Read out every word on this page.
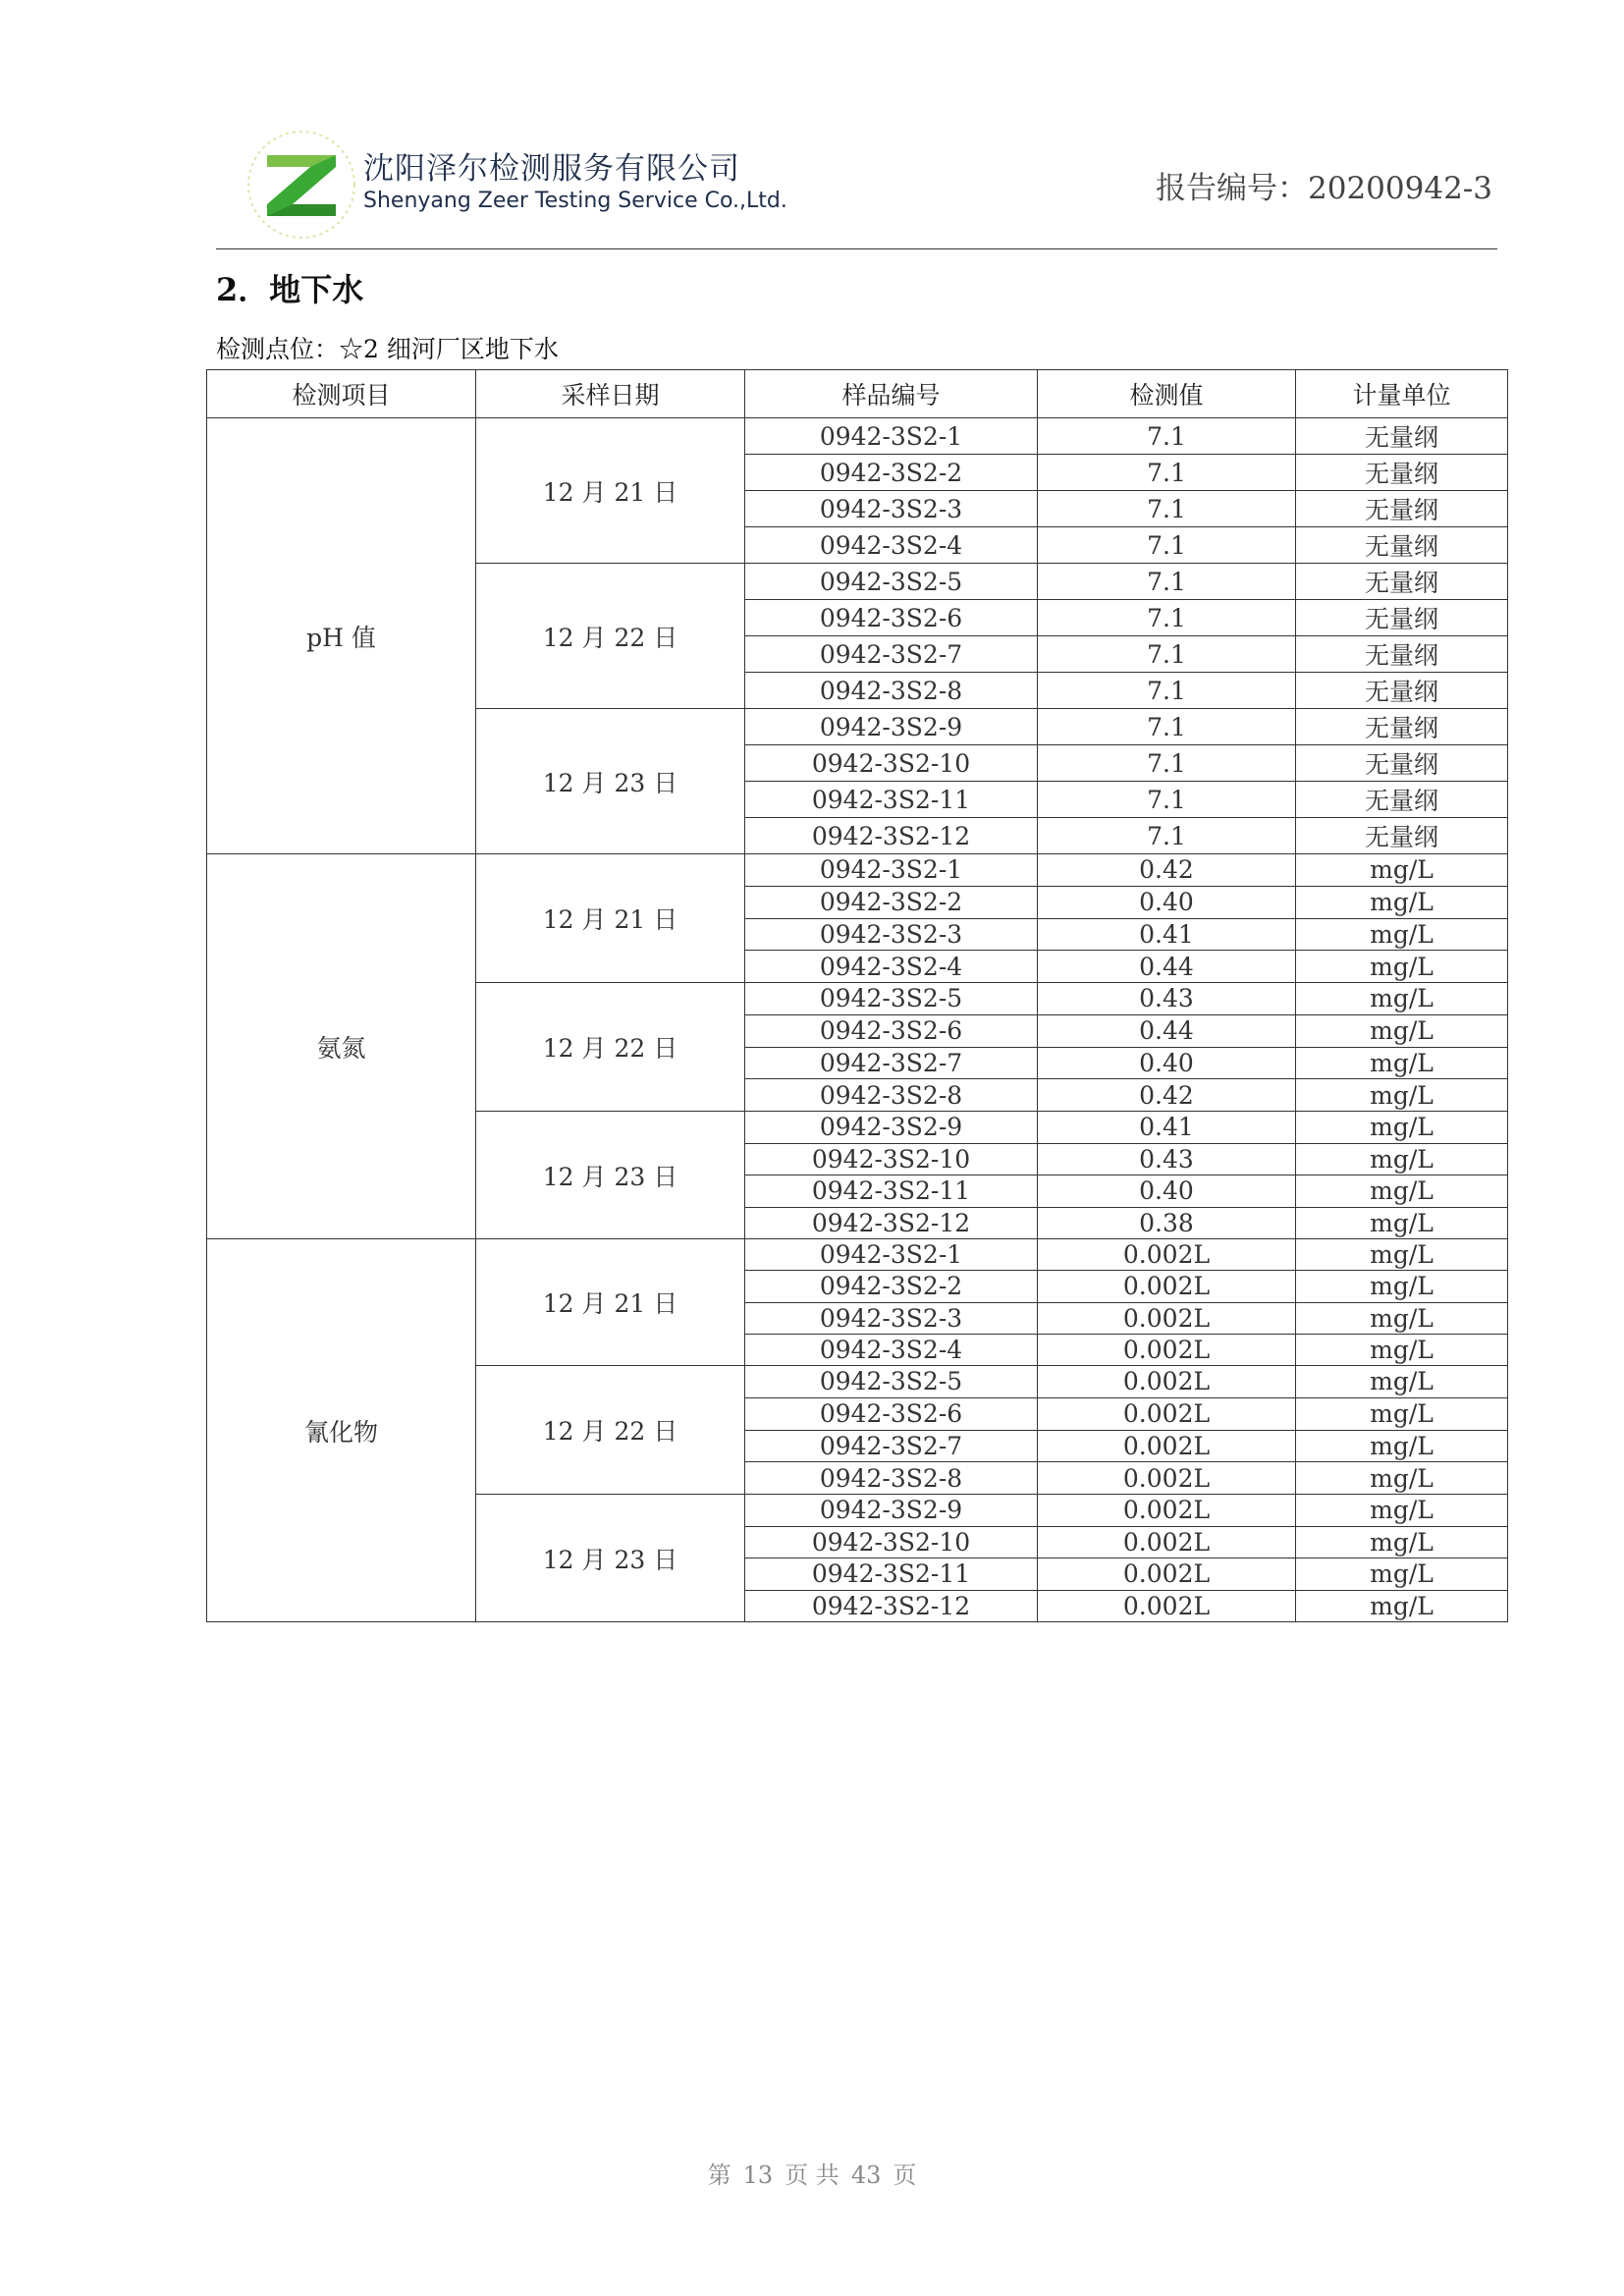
沈阳泽尔检测服务有限公司
Shenyang Zeer Testing Service Co.,Ltd.	报告编号：20200942-3
2．地下水
检测点位：☆2 细河厂区地下水
检测项目	采样日期	样品编号	检测值	计量单位
pH 值	12 月 21 日	0942-3S2-1	7.1	无量纲
		0942-3S2-2	7.1	无量纲
		0942-3S2-3	7.1	无量纲
		0942-3S2-4	7.1	无量纲
	12 月 22 日	0942-3S2-5	7.1	无量纲
		0942-3S2-6	7.1	无量纲
		0942-3S2-7	7.1	无量纲
		0942-3S2-8	7.1	无量纲
	12 月 23 日	0942-3S2-9	7.1	无量纲
		0942-3S2-10	7.1	无量纲
		0942-3S2-11	7.1	无量纲
		0942-3S2-12	7.1	无量纲
氨氮	12 月 21 日	0942-3S2-1	0.42	mg/L
		0942-3S2-2	0.40	mg/L
		0942-3S2-3	0.41	mg/L
		0942-3S2-4	0.44	mg/L
	12 月 22 日	0942-3S2-5	0.43	mg/L
		0942-3S2-6	0.44	mg/L
		0942-3S2-7	0.40	mg/L
		0942-3S2-8	0.42	mg/L
	12 月 23 日	0942-3S2-9	0.41	mg/L
		0942-3S2-10	0.43	mg/L
		0942-3S2-11	0.40	mg/L
		0942-3S2-12	0.38	mg/L
氰化物	12 月 21 日	0942-3S2-1	0.002L	mg/L
		0942-3S2-2	0.002L	mg/L
		0942-3S2-3	0.002L	mg/L
		0942-3S2-4	0.002L	mg/L
	12 月 22 日	0942-3S2-5	0.002L	mg/L
		0942-3S2-6	0.002L	mg/L
		0942-3S2-7	0.002L	mg/L
		0942-3S2-8	0.002L	mg/L
	12 月 23 日	0942-3S2-9	0.002L	mg/L
		0942-3S2-10	0.002L	mg/L
		0942-3S2-11	0.002L	mg/L
		0942-3S2-12	0.002L	mg/L
第 13 页 共 43 页
